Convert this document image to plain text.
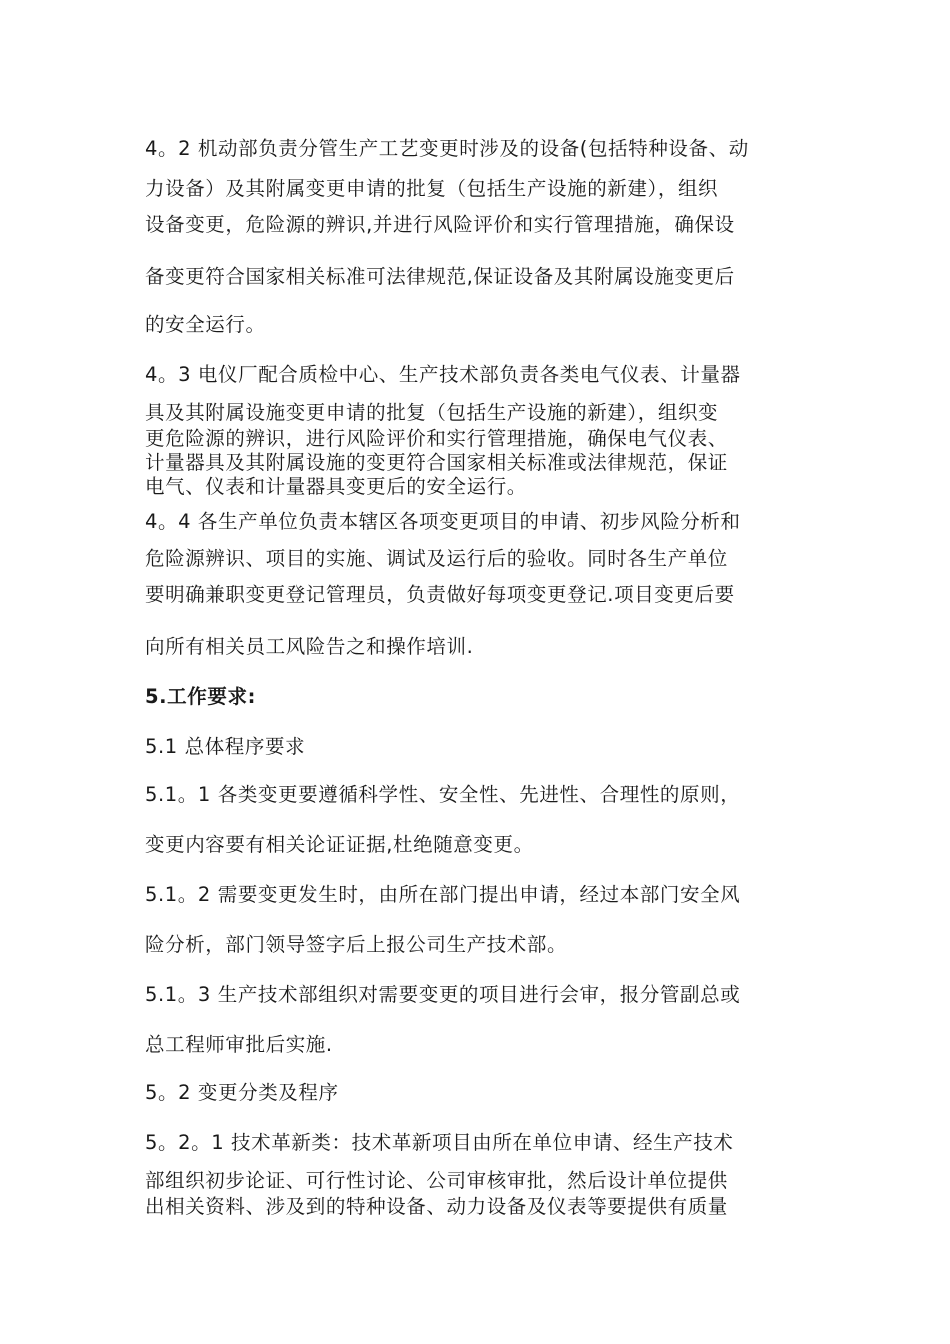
4。2 机动部负责分管生产工艺变更时涉及的设备(包括特种设备、动
力设备）及其附属变更申请的批复（包括生产设施的新建），组织
设备变更，危险源的辨识,并进行风险评价和实行管理措施，确保设
备变更符合国家相关标准可法律规范,保证设备及其附属设施变更后
的安全运行。
4。3 电仪厂配合质检中心、生产技术部负责各类电气仪表、计量器
具及其附属设施变更申请的批复（包括生产设施的新建），组织变
更危险源的辨识，进行风险评价和实行管理措施，确保电气仪表、
计量器具及其附属设施的变更符合国家相关标准或法律规范，保证
电气、仪表和计量器具变更后的安全运行。
4。4 各生产单位负责本辖区各项变更项目的申请、初步风险分析和
危险源辨识、项目的实施、调试及运行后的验收。同时各生产单位
要明确兼职变更登记管理员，负责做好每项变更登记.项目变更后要
向所有相关员工风险告之和操作培训.
5.工作要求:
5.1 总体程序要求
5.1。1 各类变更要遵循科学性、安全性、先进性、合理性的原则，
变更内容要有相关论证证据,杜绝随意变更。
5.1。2 需要变更发生时，由所在部门提出申请，经过本部门安全风
险分析，部门领导签字后上报公司生产技术部。
5.1。3 生产技术部组织对需要变更的项目进行会审，报分管副总或
总工程师审批后实施.
5。2 变更分类及程序
5。2。1 技术革新类：技术革新项目由所在单位申请、经生产技术
部组织初步论证、可行性讨论、公司审核审批，然后设计单位提供
出相关资料、涉及到的特种设备、动力设备及仪表等要提供有质量
